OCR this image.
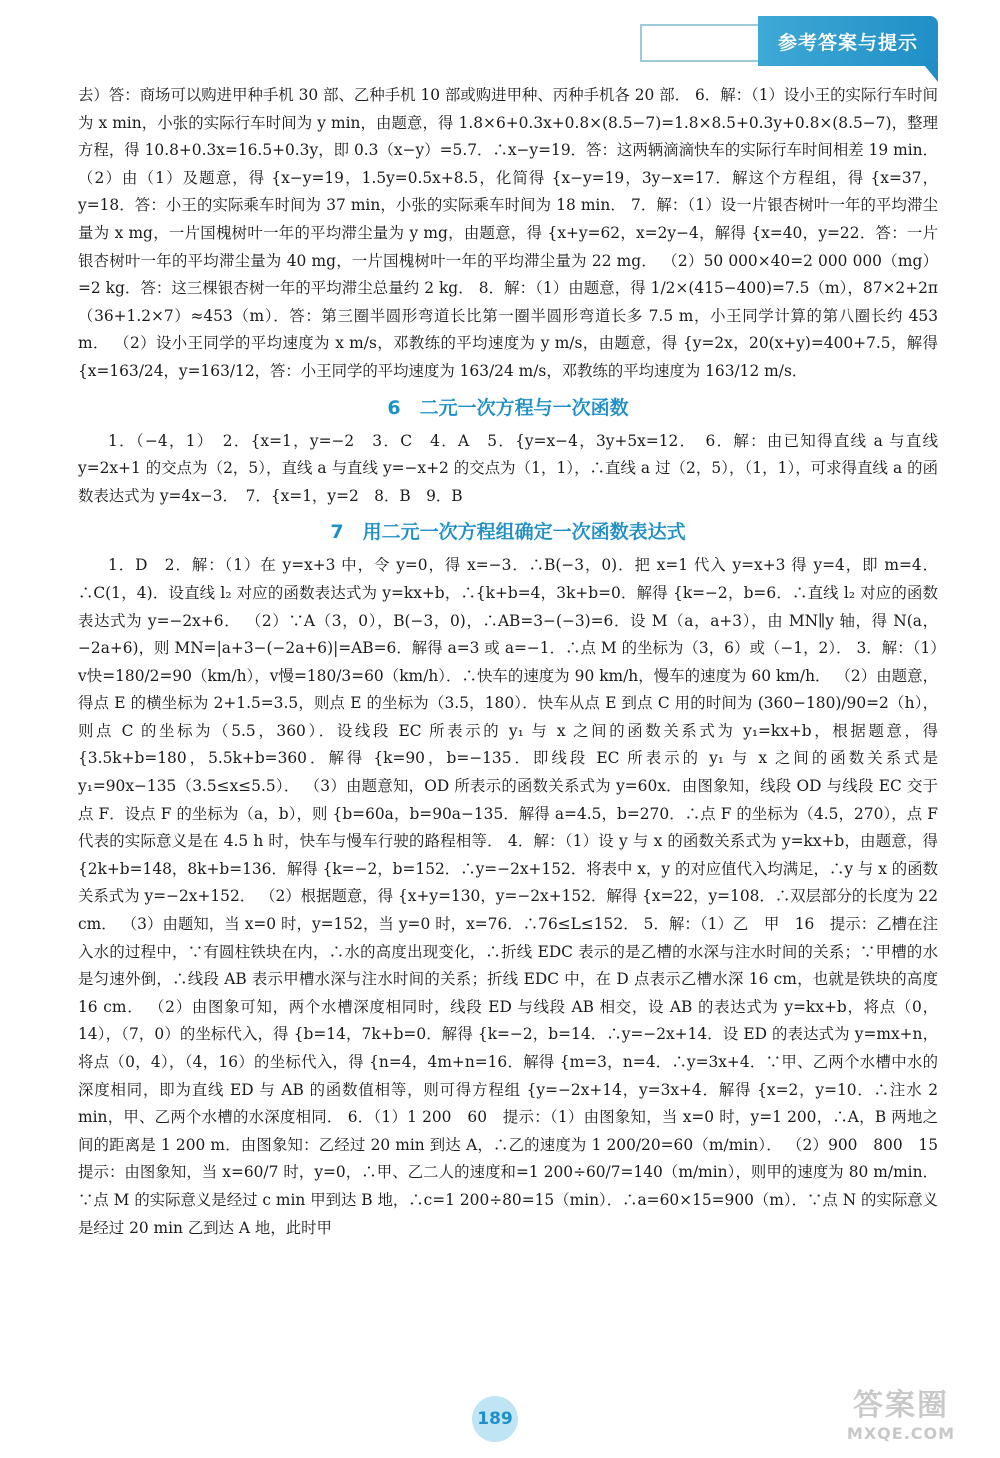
参考答案与提示

去）答：商场可以购进甲种手机 30 部、乙种手机 10 部或购进甲种、丙种手机各 20 部． 6．解：（1）设小王的实际行车时间为 x min，小张的实际行车时间为 y min，由题意，得 1.8×6+0.3x+0.8×(8.5−7)=1.8×8.5+0.3y+0.8×(8.5−7)，整理方程，得 10.8+0.3x=16.5+0.3y，即 0.3（x−y）=5.7．∴x−y=19．答：这两辆滴滴快车的实际行车时间相差 19 min． （2）由（1）及题意，得 {x−y=19，1.5y=0.5x+8.5，化简得 {x−y=19，3y−x=17．解这个方程组，得 {x=37，y=18．答：小王的实际乘车时间为 37 min，小张的实际乘车时间为 18 min． 7．解：（1）设一片银杏树叶一年的平均滞尘量为 x mg，一片国槐树叶一年的平均滞尘量为 y mg，由题意，得 {x+y=62，x=2y−4，解得 {x=40，y=22．答：一片银杏树叶一年的平均滞尘量为 40 mg，一片国槐树叶一年的平均滞尘量为 22 mg． （2）50 000×40=2 000 000（mg）=2 kg．答：这三棵银杏树一年的平均滞尘总量约 2 kg． 8．解：（1）由题意，得 1/2×(415−400)=7.5（m），87×2+2π（36+1.2×7）≈453（m）．答：第三圈半圆形弯道长比第一圈半圆形弯道长多 7.5 m，小王同学计算的第八圈长约 453 m． （2）设小王同学的平均速度为 x m/s，邓教练的平均速度为 y m/s，由题意，得 {y=2x，20(x+y)=400+7.5，解得 {x=163/24，y=163/12，答：小王同学的平均速度为 163/24 m/s，邓教练的平均速度为 163/12 m/s．

6　二元一次方程与一次函数

1．（−4，1）　2．{x=1，y=−2　3．C　4．A　5．{y=x−4，3y+5x=12．　6．解：由已知得直线 a 与直线 y=2x+1 的交点为（2，5），直线 a 与直线 y=−x+2 的交点为（1，1），∴直线 a 过（2，5），（1，1），可求得直线 a 的函数表达式为 y=4x−3．　7．{x=1，y=2　8．B　9．B

7　用二元一次方程组确定一次函数表达式

1．D　2．解：（1）在 y=x+3 中，令 y=0，得 x=−3．∴B(−3，0)．把 x=1 代入 y=x+3 得 y=4，即 m=4．∴C(1，4)．设直线 l₂ 对应的函数表达式为 y=kx+b，∴{k+b=4，3k+b=0．解得 {k=−2，b=6．∴直线 l₂ 对应的函数表达式为 y=−2x+6． （2）∵A（3，0），B(−3，0)，∴AB=3−(−3)=6．设 M（a，a+3），由 MN∥y 轴，得 N(a，−2a+6)，则 MN=|a+3−(−2a+6)|=AB=6．解得 a=3 或 a=−1．∴点 M 的坐标为（3，6）或（−1，2）． 3．解：（1）v快=180/2=90（km/h），v慢=180/3=60（km/h）．∴快车的速度为 90 km/h，慢车的速度为 60 km/h． （2）由题意，得点 E 的横坐标为 2+1.5=3.5，则点 E 的坐标为（3.5，180）．快车从点 E 到点 C 用的时间为 (360−180)/90=2（h），则点 C 的坐标为（5.5，360）．设线段 EC 所表示的 y₁ 与 x 之间的函数关系式为 y₁=kx+b，根据题意，得 {3.5k+b=180，5.5k+b=360．解得 {k=90，b=−135．即线段 EC 所表示的 y₁ 与 x 之间的函数关系式是 y₁=90x−135（3.5≤x≤5.5）． （3）由题意知，OD 所表示的函数关系式为 y=60x．由图象知，线段 OD 与线段 EC 交于点 F．设点 F 的坐标为（a，b），则 {b=60a，b=90a−135．解得 a=4.5，b=270．∴点 F 的坐标为（4.5，270），点 F 代表的实际意义是在 4.5 h 时，快车与慢车行驶的路程相等． 4．解：（1）设 y 与 x 的函数关系式为 y=kx+b，由题意，得 {2k+b=148，8k+b=136．解得 {k=−2，b=152．∴y=−2x+152．将表中 x，y 的对应值代入均满足，∴y 与 x 的函数关系式为 y=−2x+152． （2）根据题意，得 {x+y=130，y=−2x+152．解得 {x=22，y=108．∴双层部分的长度为 22 cm． （3）由题知，当 x=0 时，y=152，当 y=0 时，x=76．∴76≤L≤152． 5．解：（1）乙　甲　16　提示：乙槽在注入水的过程中，∵有圆柱铁块在内，∴水的高度出现变化，∴折线 EDC 表示的是乙槽的水深与注水时间的关系；∵甲槽的水是匀速外倒，∴线段 AB 表示甲槽水深与注水时间的关系；折线 EDC 中，在 D 点表示乙槽水深 16 cm，也就是铁块的高度 16 cm． （2）由图象可知，两个水槽深度相同时，线段 ED 与线段 AB 相交，设 AB 的表达式为 y=kx+b，将点（0，14），（7，0）的坐标代入，得 {b=14，7k+b=0．解得 {k=−2，b=14．∴y=−2x+14．设 ED 的表达式为 y=mx+n，将点（0，4），（4，16）的坐标代入，得 {n=4，4m+n=16．解得 {m=3，n=4．∴y=3x+4．∵甲、乙两个水槽中水的深度相同，即为直线 ED 与 AB 的函数值相等，则可得方程组 {y=−2x+14，y=3x+4．解得 {x=2，y=10．∴注水 2 min，甲、乙两个水槽的水深度相同． 6．（1）1 200　60　提示：（1）由图象知，当 x=0 时，y=1 200，∴A，B 两地之间的距离是 1 200 m．由图象知：乙经过 20 min 到达 A，∴乙的速度为 1 200/20=60（m/min）． （2）900　800　15　提示：由图象知，当 x=60/7 时，y=0，∴甲、乙二人的速度和=1 200÷60/7=140（m/min），则甲的速度为 80 m/min．∵点 M 的实际意义是经过 c min 甲到达 B 地，∴c=1 200÷80=15（min）．∴a=60×15=900（m）．∵点 N 的实际意义是经过 20 min 乙到达 A 地，此时甲

189	答案圈
MXQE.COM
